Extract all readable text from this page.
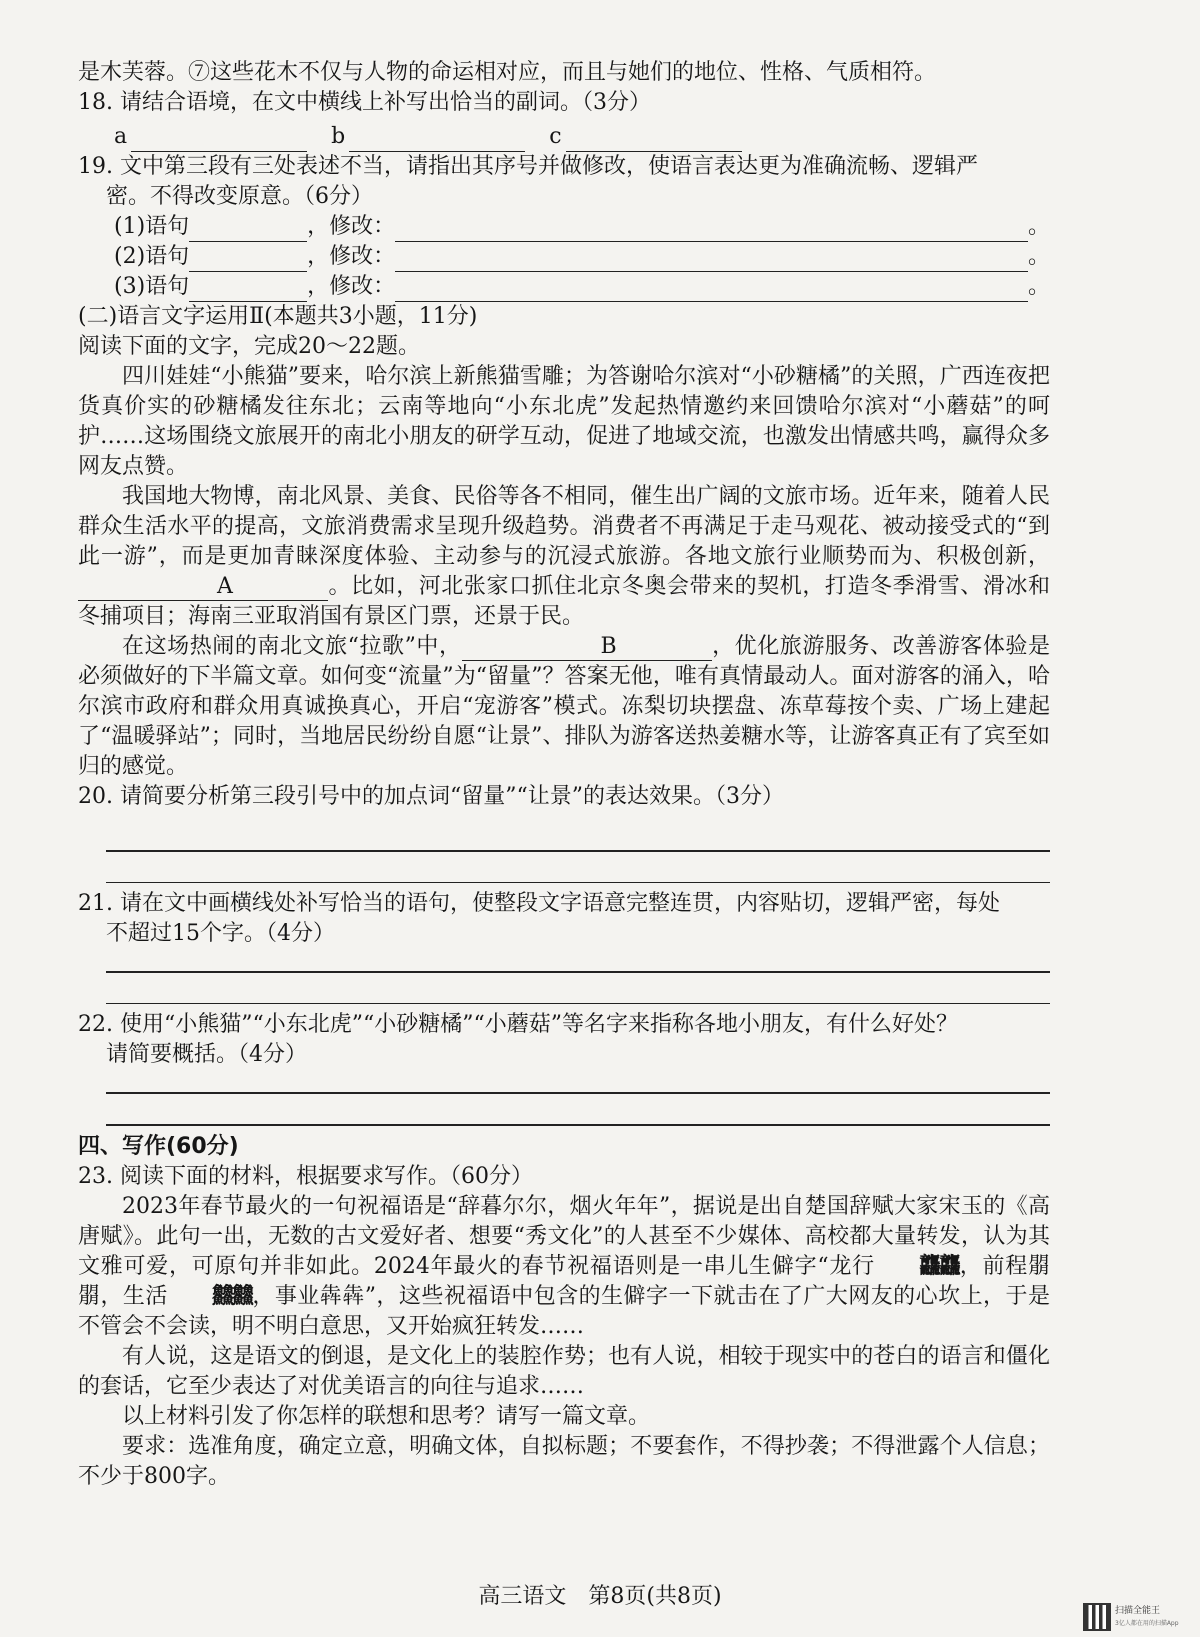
是木芙蓉。⑦这些花木不仅与人物的命运相对应，而且与她们的地位、性格、气质相符。

18. 请结合语境，在文中横线上补写出恰当的副词。（3分）

a	b	c

19. 文中第三段有三处表述不当，请指出其序号并做修改，使语言表达更为准确流畅、逻辑严

密。不得改变原意。（6分）

(1)语句	，修改：	。
(2)语句	，修改：	。
(3)语句	，修改：	。

(二)语言文字运用Ⅱ(本题共3小题，11分)

阅读下面的文字，完成20～22题。

四川娃娃“小熊猫”要来，哈尔滨上新熊猫雪雕；为答谢哈尔滨对“小砂糖橘”的关照，广西连夜把货真价实的砂糖橘发往东北；云南等地向“小东北虎”发起热情邀约来回馈哈尔滨对“小蘑菇”的呵护……这场围绕文旅展开的南北小朋友的研学互动，促进了地域交流，也激发出情感共鸣，赢得众多网友点赞。

我国地大物博，南北风景、美食、民俗等各不相同，催生出广阔的文旅市场。近年来，随着人民群众生活水平的提高，文旅消费需求呈现升级趋势。消费者不再满足于走马观花、被动接受式的“到此一游”，而是更加青睐深度体验、主动参与的沉浸式旅游。各地文旅行业顺势而为、积极创新，A	。比如，河北张家口抓住北京冬奥会带来的契机，打造冬季滑雪、滑冰和冬捕项目；海南三亚取消国有景区门票，还景于民。

在这场热闹的南北文旅“拉歌”中，	B	，优化旅游服务、改善游客体验是必须做好的下半篇文章。如何变“流量”为“留量”？答案无他，唯有真情最动人。面对游客的涌入，哈尔滨市政府和群众用真诚换真心，开启“宠游客”模式。冻梨切块摆盘、冻草莓按个卖、广场上建起了“温暖驿站”；同时，当地居民纷纷自愿“让景”、排队为游客送热姜糖水等，让游客真正有了宾至如归的感觉。

20. 请简要分析第三段引号中的加点词“留量”“让景”的表达效果。（3分）

21. 请在文中画横线处补写恰当的语句，使整段文字语意完整连贯，内容贴切，逻辑严密，每处

不超过15个字。（4分）

22. 使用“小熊猫”“小东北虎”“小砂糖橘”“小蘑菇”等名字来指称各地小朋友，有什么好处？

请简要概括。（4分）

四、写作(60分)

23. 阅读下面的材料，根据要求写作。（60分）

2023年春节最火的一句祝福语是“辞暮尔尔，烟火年年”，据说是出自楚国辞赋大家宋玉的《高唐赋》。此句一出，无数的古文爱好者、想要“秀文化”的人甚至不少媒体、高校都大量转发，认为其文雅可爱，可原句并非如此。2024年最火的春节祝福语则是一串儿生僻字“龙行 龘龘，前程朤朤，生活 䲜䲜，事业犇犇”，这些祝福语中包含的生僻字一下就击在了广大网友的心坎上，于是不管会不会读，明不明白意思，又开始疯狂转发……

有人说，这是语文的倒退，是文化上的装腔作势；也有人说，相较于现实中的苍白的语言和僵化的套话，它至少表达了对优美语言的向往与追求……

以上材料引发了你怎样的联想和思考？请写一篇文章。

要求：选准角度，确定立意，明确文体，自拟标题；不要套作，不得抄袭；不得泄露个人信息；不少于800字。

高三语文　第8页(共8页)
扫描全能王
3亿人都在用的扫描App
